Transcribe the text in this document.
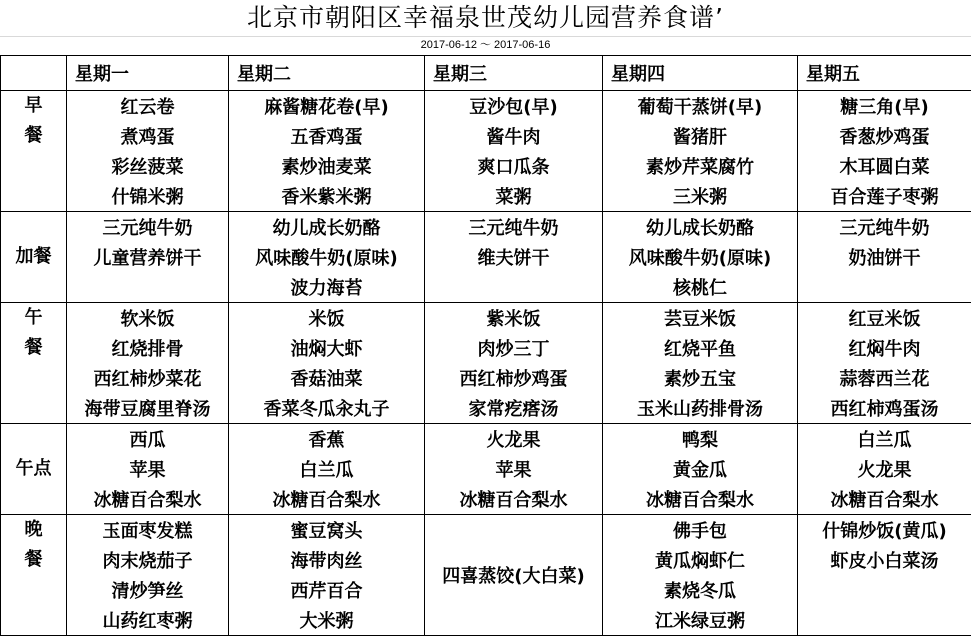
北京市朝阳区幸福泉世茂幼儿园营养食谱’
2017-06-12 ～ 2017-06-16
	星期一	星期二	星期三	星期四	星期五

早
餐	红云卷	麻酱糖花卷(早)	豆沙包(早)	葡萄干蒸饼(早)	糖三角(早)
	煮鸡蛋	五香鸡蛋	酱牛肉	酱猪肝	香葱炒鸡蛋
	彩丝菠菜	素炒油麦菜	爽口瓜条	素炒芹菜腐竹	木耳圆白菜
	什锦米粥	香米紫米粥	菜粥	三米粥	百合莲子枣粥

加餐	三元纯牛奶	幼儿成长奶酪	三元纯牛奶	幼儿成长奶酪	三元纯牛奶
	儿童营养饼干	风味酸牛奶(原味)	维夫饼干	风味酸牛奶(原味)	奶油饼干
		波力海苔		核桃仁	

午
餐	软米饭	米饭	紫米饭	芸豆米饭	红豆米饭
	红烧排骨	油焖大虾	肉炒三丁	红烧平鱼	红焖牛肉
	西红柿炒菜花	香菇油菜	西红柿炒鸡蛋	素炒五宝	蒜蓉西兰花
	海带豆腐里脊汤	香菜冬瓜汆丸子	家常疙瘩汤	玉米山药排骨汤	西红柿鸡蛋汤

午点	西瓜	香蕉	火龙果	鸭梨	白兰瓜
	苹果	白兰瓜	苹果	黄金瓜	火龙果
	冰糖百合梨水	冰糖百合梨水	冰糖百合梨水	冰糖百合梨水	冰糖百合梨水

晚
餐	玉面枣发糕	蜜豆窝头	四喜蒸饺(大白菜)	佛手包	什锦炒饭(黄瓜)
	肉末烧茄子	海带肉丝		黄瓜焖虾仁	虾皮小白菜汤
	清炒笋丝	西芹百合		素烧冬瓜	
	山药红枣粥	大米粥		江米绿豆粥	
